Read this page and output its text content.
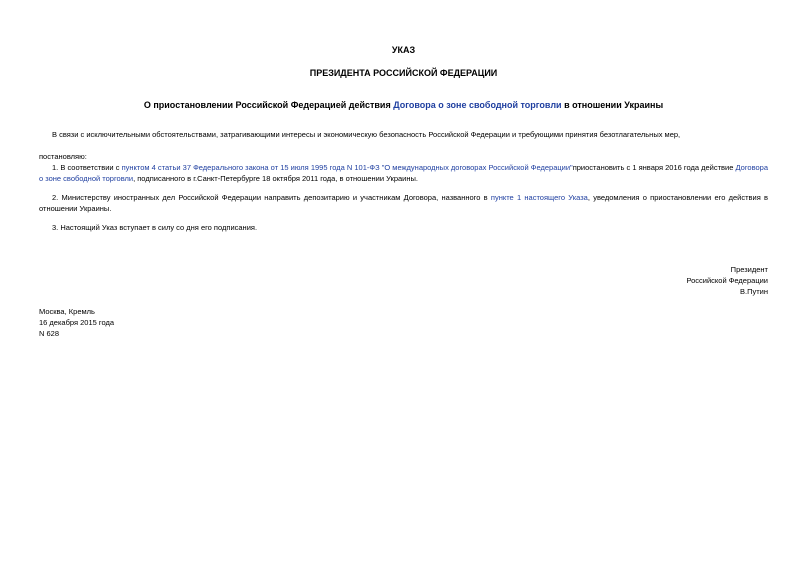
УКАЗ
ПРЕЗИДЕНТА РОССИЙСКОЙ ФЕДЕРАЦИИ
О приостановлении Российской Федерацией действия Договора о зоне свободной торговли в отношении Украины
В связи с исключительными обстоятельствами, затрагивающими интересы и экономическую безопасность Российской Федерации и требующими принятия безотлагательных мер,
постановляю:
1. В соответствии с пунктом 4 статьи 37 Федерального закона от 15 июля 1995 года N 101-ФЗ "О международных договорах Российской Федерации"приостановить с 1 января 2016 года действие Договора о зоне свободной торговли, подписанного в г.Санкт-Петербурге 18 октября 2011 года, в отношении Украины.
2. Министерству иностранных дел Российской Федерации направить депозитарию и участникам Договора, названного в пункте 1 настоящего Указа, уведомления о приостановлении его действия в отношении Украины.
3. Настоящий Указ вступает в силу со дня его подписания.
Президент
Российской Федерации
В.Путин
Москва, Кремль
16 декабря 2015 года
N 628
